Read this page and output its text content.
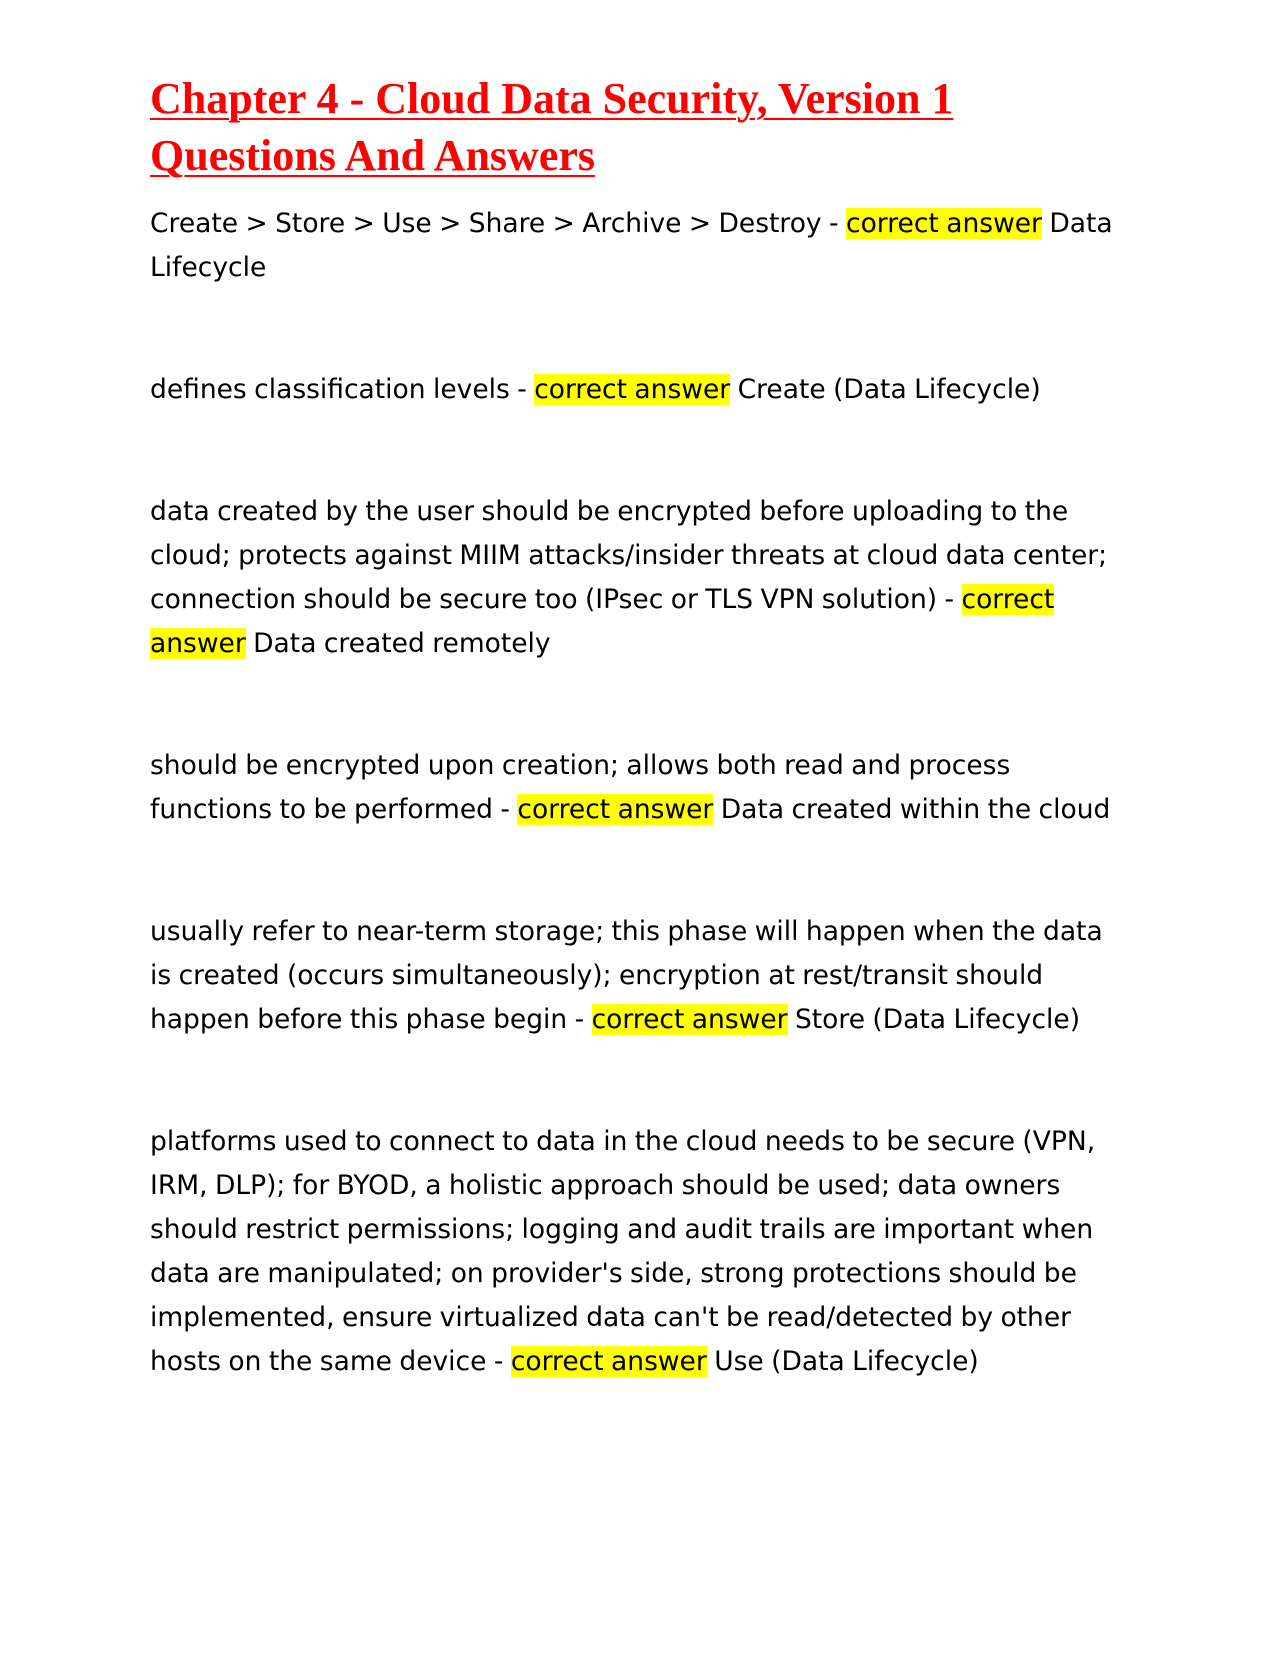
Chapter 4 - Cloud Data Security, Version 1 Questions And Answers

Create > Store > Use > Share > Archive > Destroy - correct answer Data Lifecycle

defines classification levels - correct answer Create (Data Lifecycle)

data created by the user should be encrypted before uploading to the cloud; protects against MIIM attacks/insider threats at cloud data center; connection should be secure too (IPsec or TLS VPN solution) - correct answer Data created remotely

should be encrypted upon creation; allows both read and process functions to be performed - correct answer Data created within the cloud

usually refer to near-term storage; this phase will happen when the data is created (occurs simultaneously); encryption at rest/transit should happen before this phase begin - correct answer Store (Data Lifecycle)

platforms used to connect to data in the cloud needs to be secure (VPN, IRM, DLP); for BYOD, a holistic approach should be used; data owners should restrict permissions; logging and audit trails are important when data are manipulated; on provider's side, strong protections should be implemented, ensure virtualized data can't be read/detected by other hosts on the same device - correct answer Use (Data Lifecycle)
